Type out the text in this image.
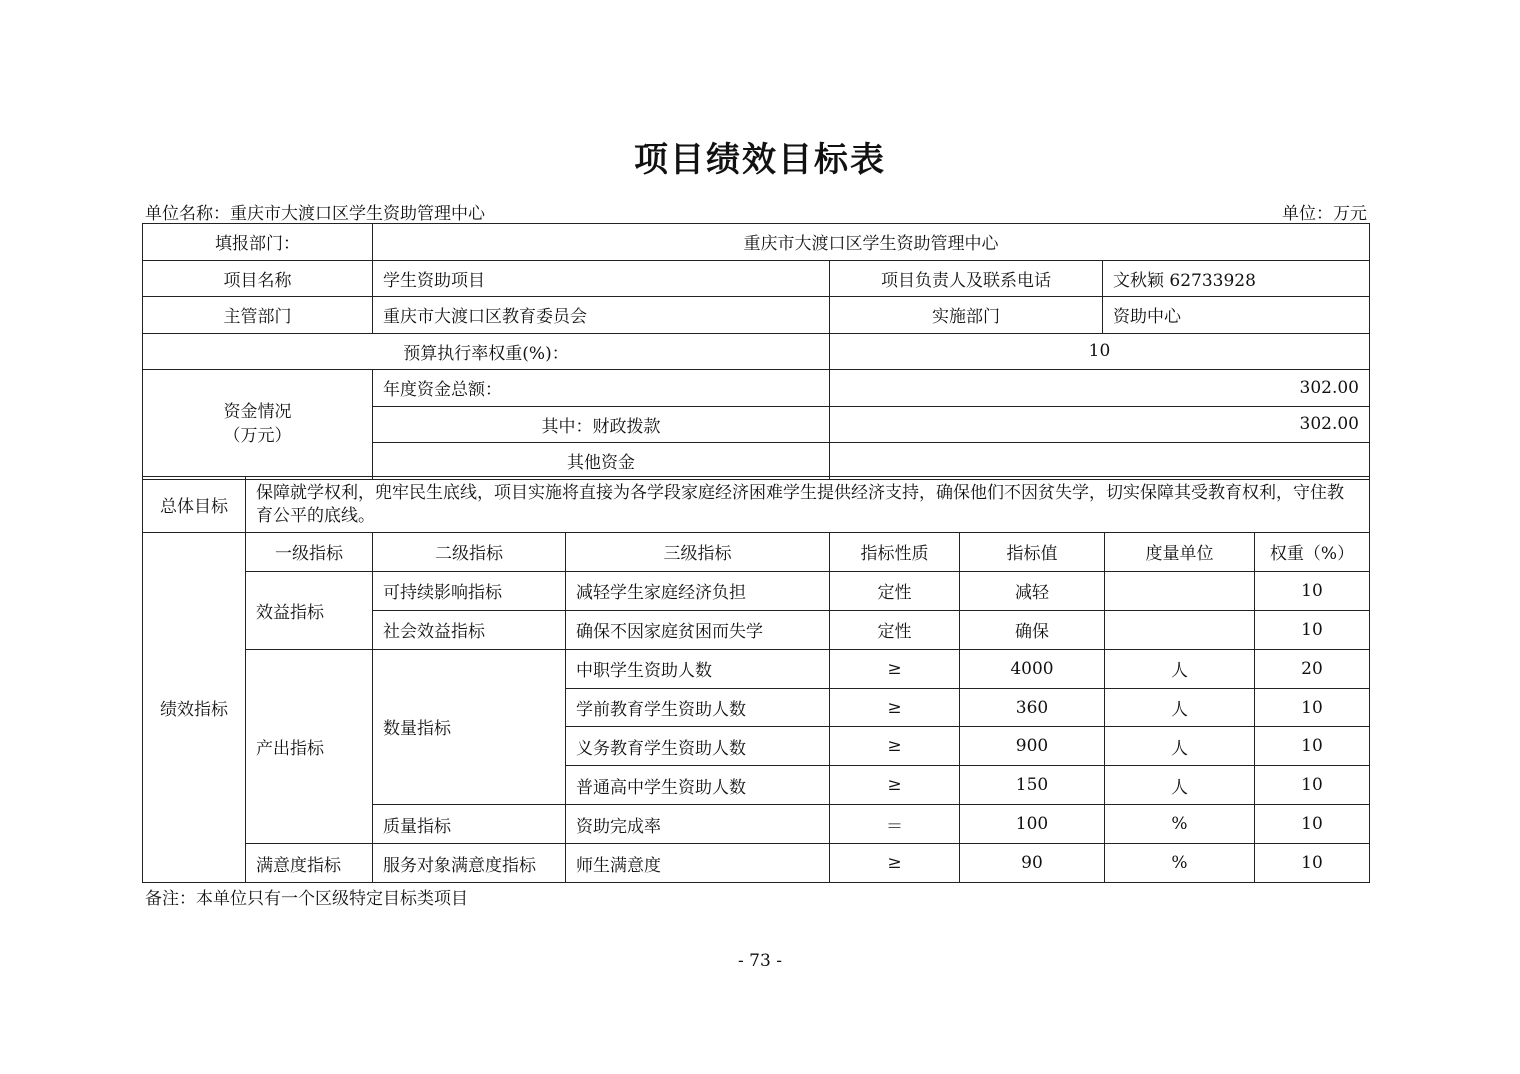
项目绩效目标表
单位名称：重庆市大渡口区学生资助管理中心	单位：万元
填报部门：	重庆市大渡口区学生资助管理中心		
项目名称	学生资助项目	项目负责人及联系电话	文秋颖 62733928
主管部门	重庆市大渡口区教育委员会	实施部门	资助中心
预算执行率权重(%)：		10	

资金情况
（万元）	年度资金总额：	302.00	
	其中：财政拨款	302.00	
	其他资金		
总体目标	保障就学权利，兜牢民生底线，项目实施将直接为各学段家庭经济困难学生提供经济支持，确保他们不因贫失学，切实保障其受教育权利，守住教育公平的底线。
绩效指标	一级指标	二级指标	三级指标	指标性质	指标值	度量单位	权重（%）
	效益指标	可持续影响指标	减轻学生家庭经济负担	定性	减轻		10
		社会效益指标	确保不因家庭贫困而失学	定性	确保		10
	产出指标	数量指标	中职学生资助人数	≥	4000	人	20
			学前教育学生资助人数	≥	360	人	10
			义务教育学生资助人数	≥	900	人	10
			普通高中学生资助人数	≥	150	人	10
		质量指标	资助完成率	＝	100	%	10
	满意度指标	服务对象满意度指标	师生满意度	≥	90	%	10
备注：本单位只有一个区级特定目标类项目
- 73 -
